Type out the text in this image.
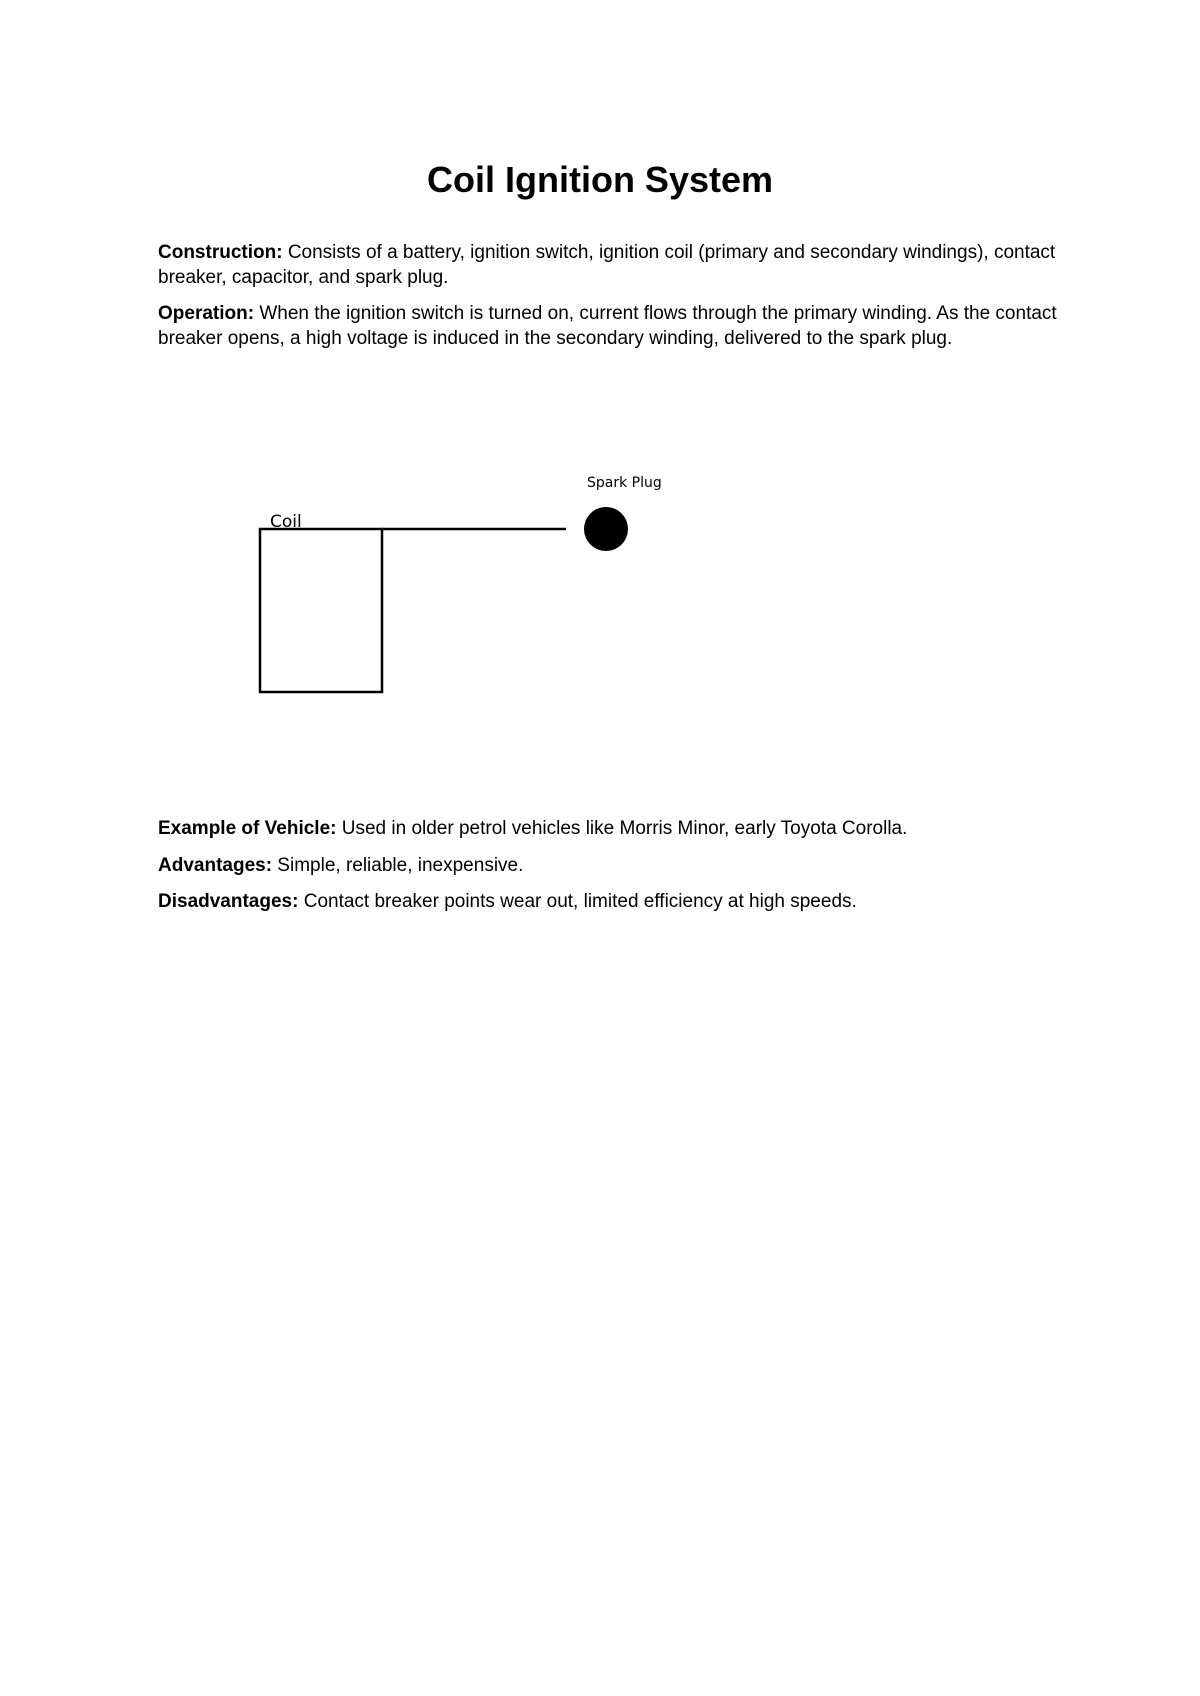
Coil Ignition System

Construction: Consists of a battery, ignition switch, ignition coil (primary and secondary windings), contact breaker, capacitor, and spark plug.

Operation: When the ignition switch is turned on, current flows through the primary winding. As the contact breaker opens, a high voltage is induced in the secondary winding, delivered to the spark plug.

Spark Plug
Coil

Example of Vehicle: Used in older petrol vehicles like Morris Minor, early Toyota Corolla.

Advantages: Simple, reliable, inexpensive.

Disadvantages: Contact breaker points wear out, limited efficiency at high speeds.
